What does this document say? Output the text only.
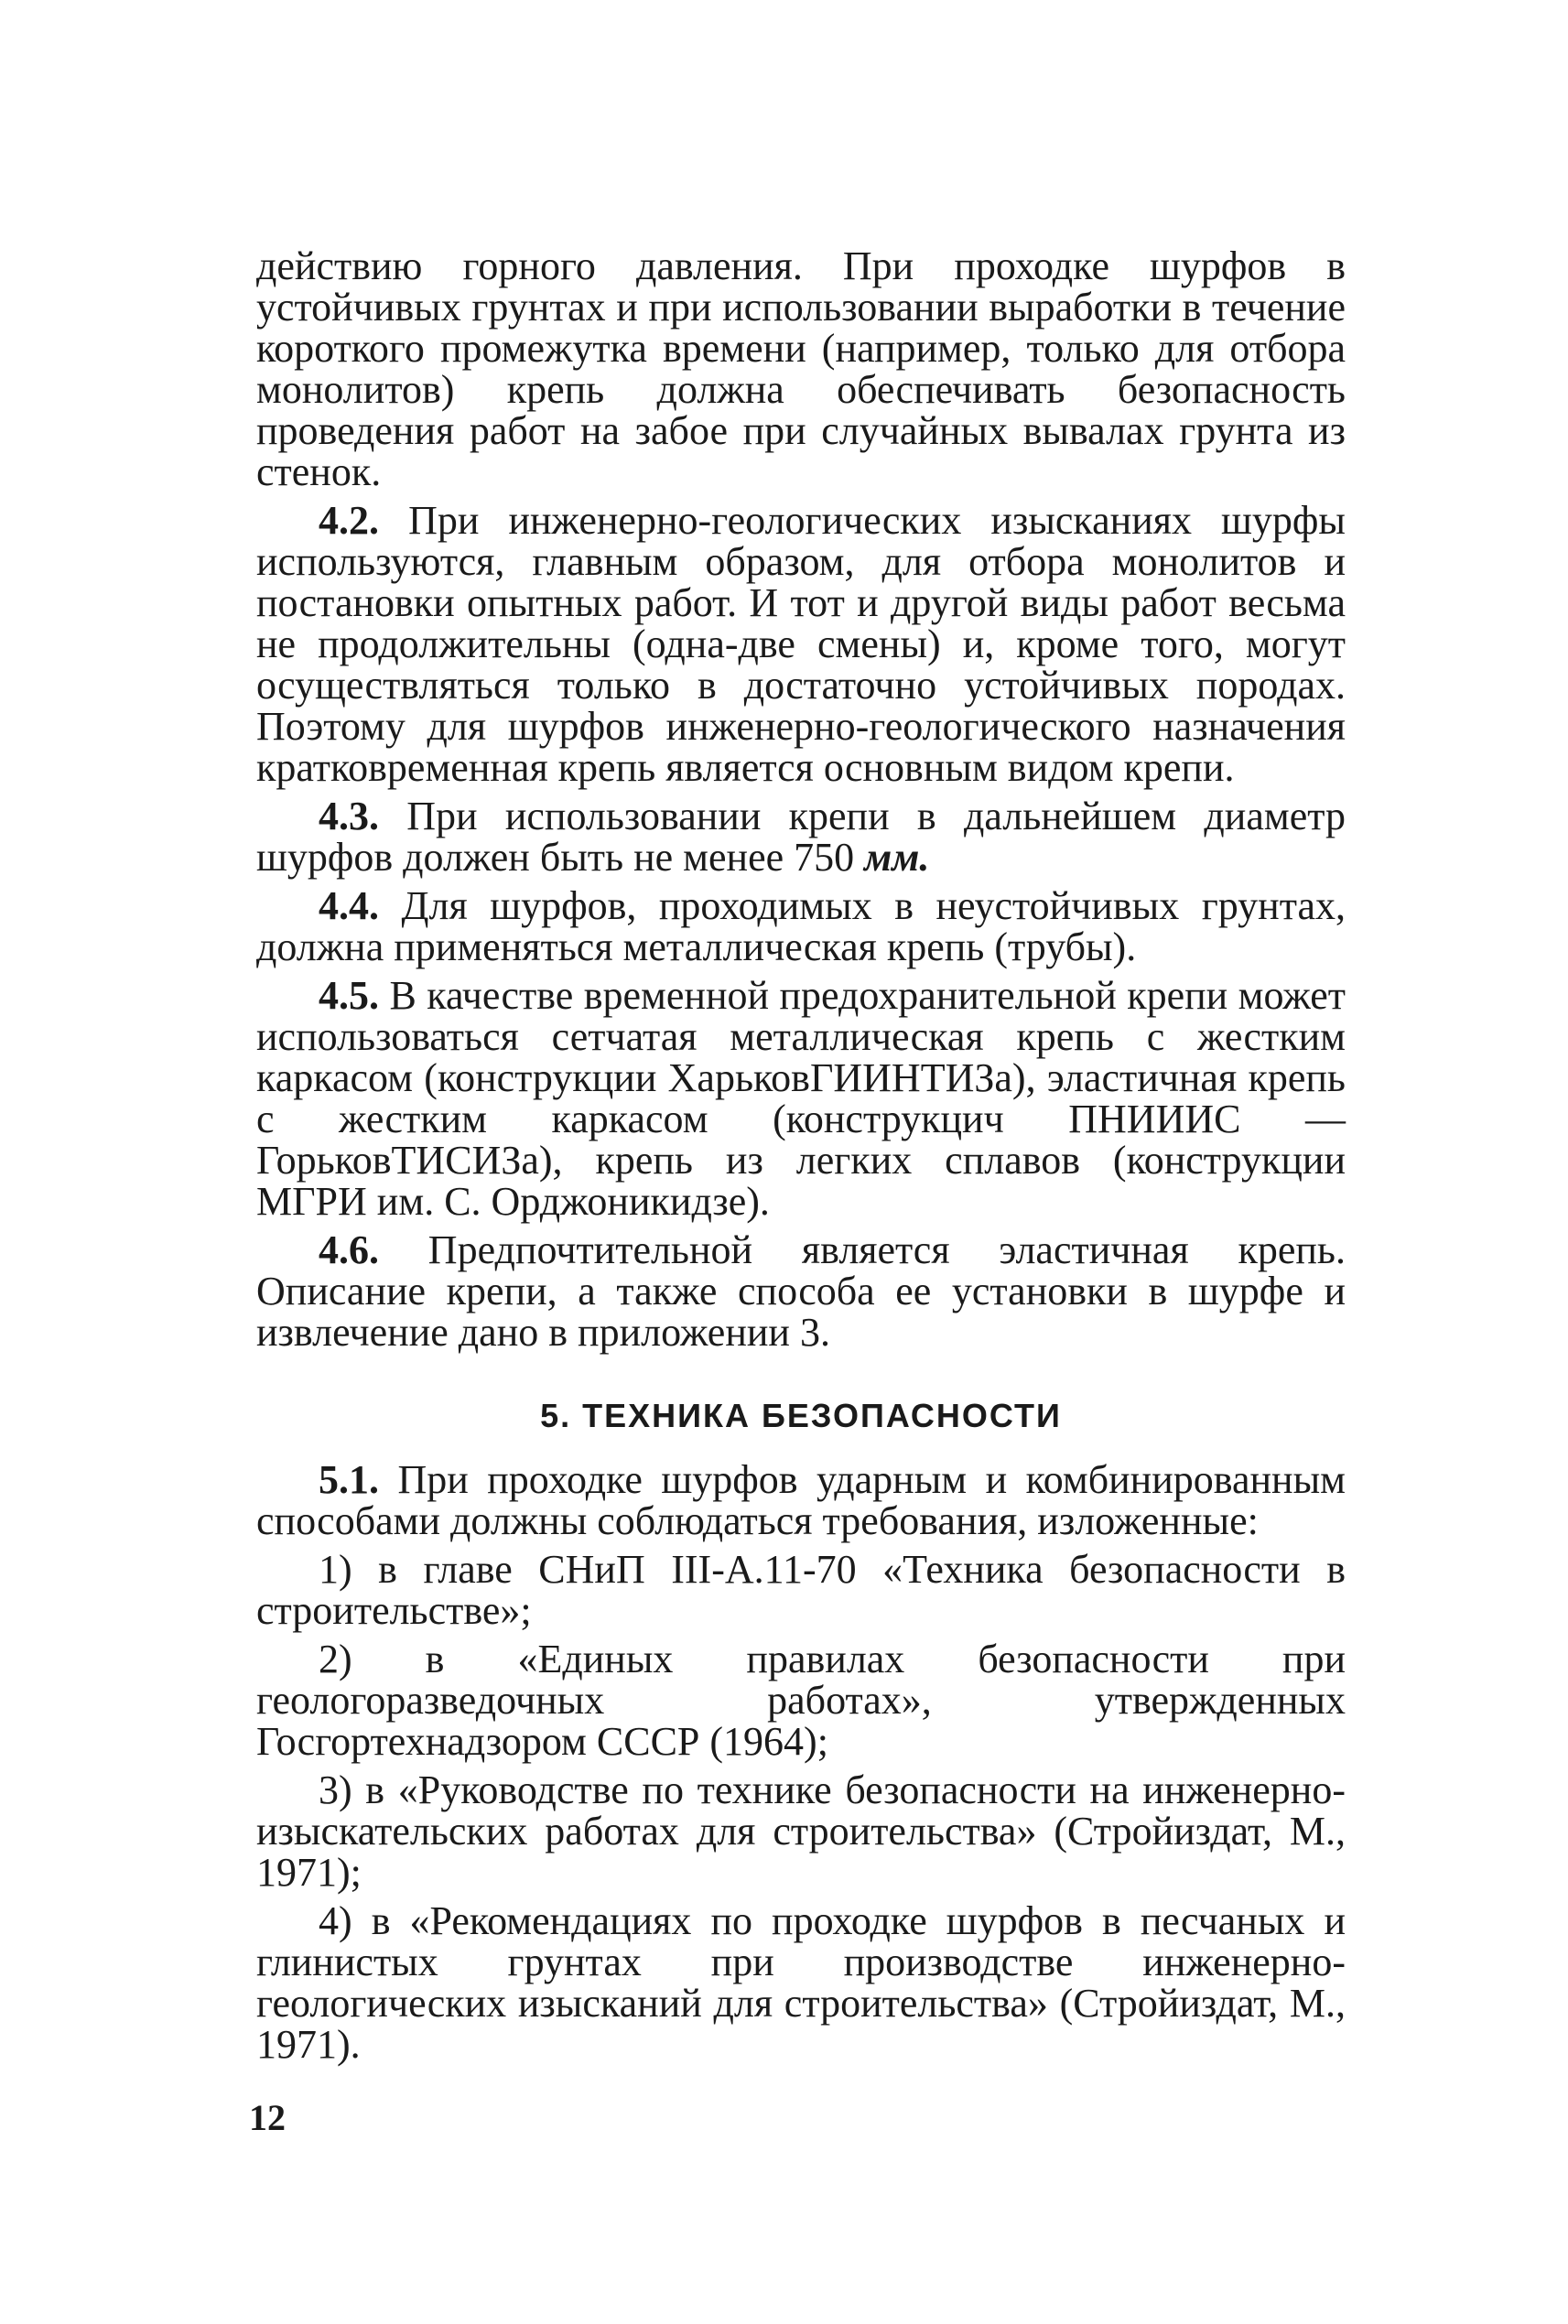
действию горного давления. При проходке шурфов в устойчивых грунтах и при использовании выработки в течение короткого промежутка времени (например, только для отбора монолитов) крепь должна обеспечивать безопасность проведения работ на забое при случайных вывалах грунта из стенок.

4.2. При инженерно-геологических изысканиях шурфы используются, главным образом, для отбора монолитов и постановки опытных работ. И тот и другой виды работ весьма не продолжительны (одна-две смены) и, кроме того, могут осуществляться только в достаточно устойчивых породах. Поэтому для шурфов инженерно-геологического назначения кратковременная крепь является основным видом крепи.

4.3. При использовании крепи в дальнейшем диаметр шурфов должен быть не менее 750 мм.

4.4. Для шурфов, проходимых в неустойчивых грунтах, должна применяться металлическая крепь (трубы).

4.5. В качестве временной предохранительной крепи может использоваться сетчатая металлическая крепь с жестким каркасом (конструкции ХарьковГИИНТИЗа), эластичная крепь с жестким каркасом (конструкцич ПНИИИС — ГорьковТИСИЗа), крепь из легких сплавов (конструкции МГРИ им. С. Орджоникидзе).

4.6. Предпочтительной является эластичная крепь. Описание крепи, а также способа ее установки в шурфе и извлечение дано в приложении 3.

5. ТЕХНИКА БЕЗОПАСНОСТИ

5.1. При проходке шурфов ударным и комбинированным способами должны соблюдаться требования, изложенные:

1) в главе СНиП III-А.11-70 «Техника безопасности в строительстве»;

2) в «Единых правилах безопасности при геологоразведочных работах», утвержденных Госгортехнадзором СССР (1964);

3) в «Руководстве по технике безопасности на инженерно-изыскательских работах для строительства» (Стройиздат, М., 1971);

4) в «Рекомендациях по проходке шурфов в песчаных и глинистых грунтах при производстве инженерно-геологических изысканий для строительства» (Стройиздат, М., 1971).

12
